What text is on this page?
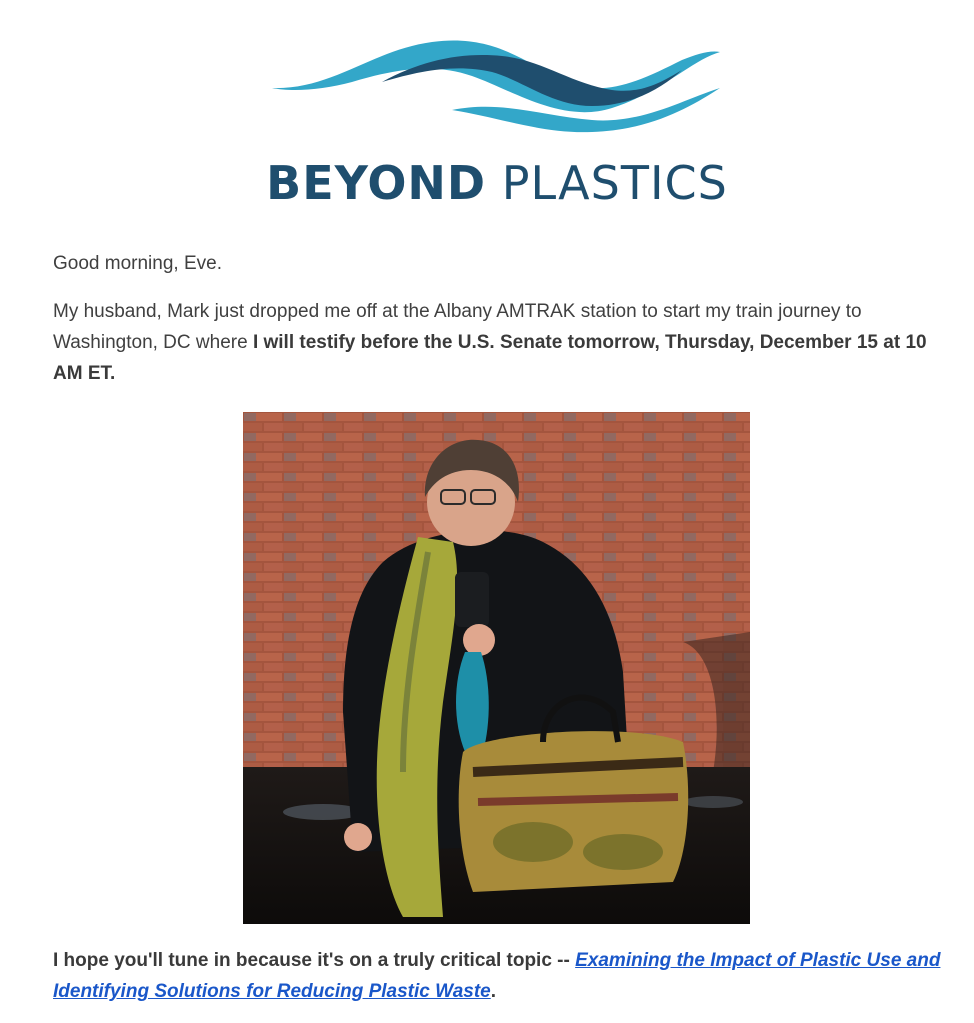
BEYOND PLASTICS

Good morning, Eve.

My husband, Mark just dropped me off at the Albany AMTRAK station to start my train journey to Washington, DC where I will testify before the U.S. Senate tomorrow, Thursday, December 15 at 10 AM ET.

I hope you'll tune in because it's on a truly critical topic -- Examining the Impact of Plastic Use and Identifying Solutions for Reducing Plastic Waste.
